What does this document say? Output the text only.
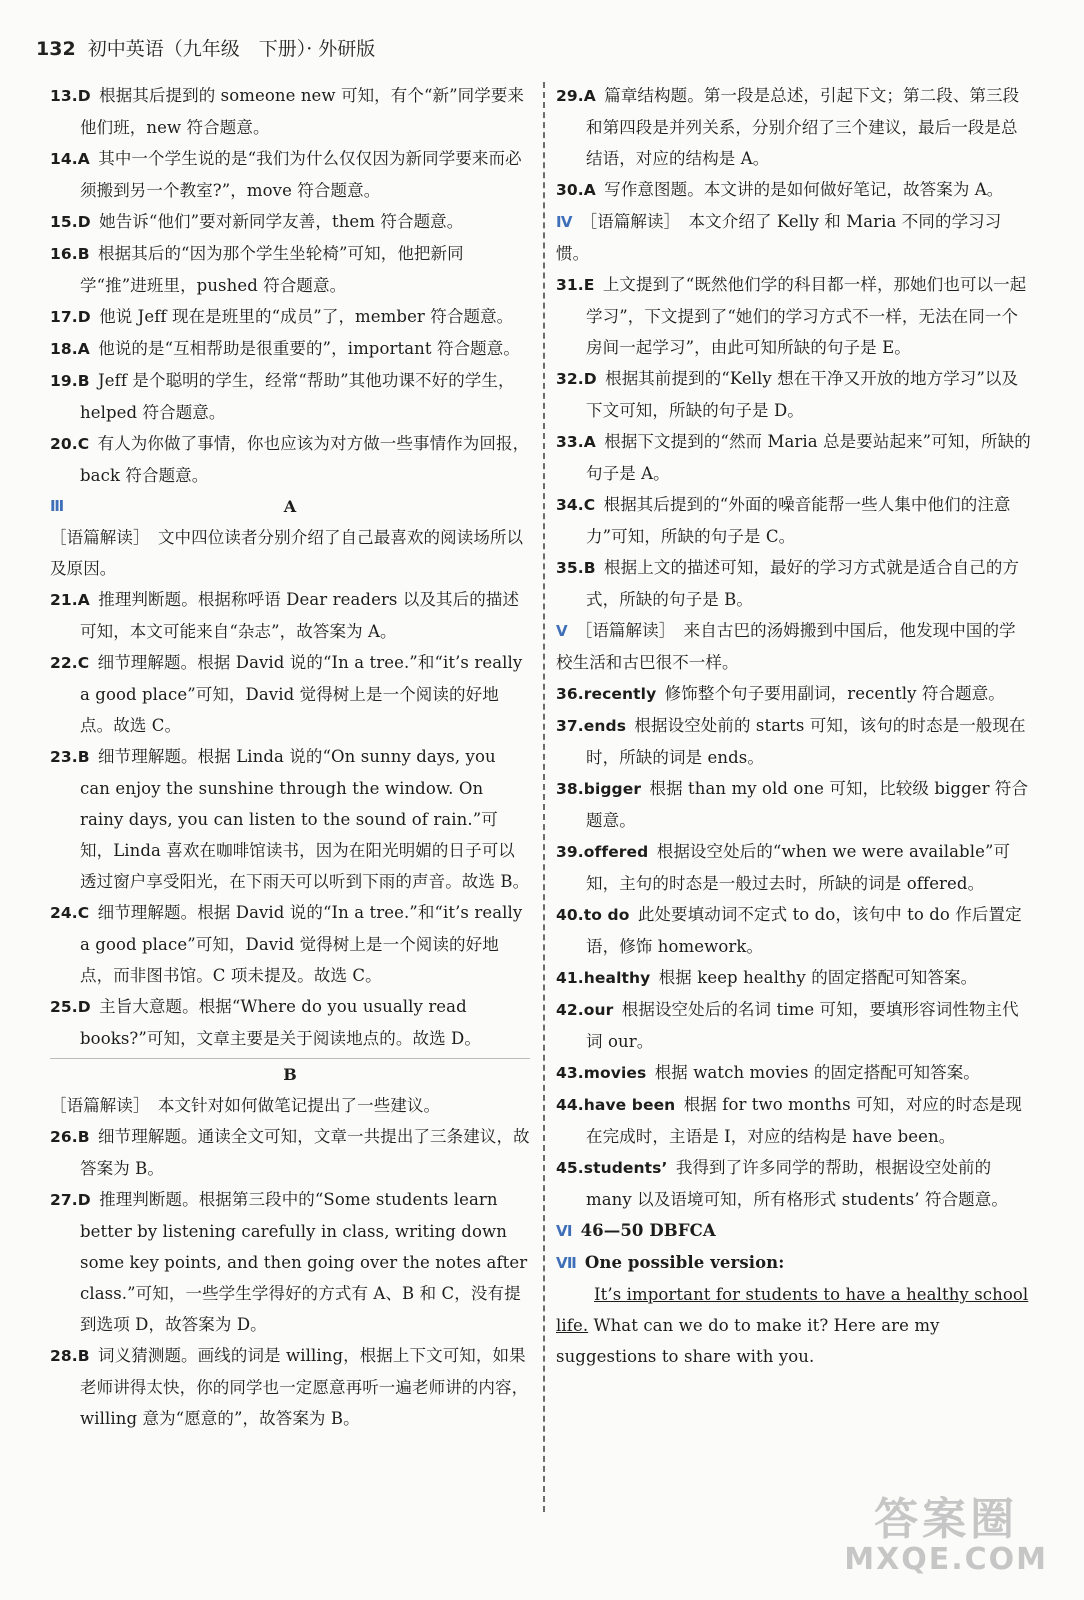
132 初中英语（九年级　下册）· 外研版
13.D  根据其后提到的 someone new 可知，有个“新”同学要来他们班，new 符合题意。
14.A  其中一个学生说的是“我们为什么仅仅因为新同学要来而必须搬到另一个教室?”，move 符合题意。
15.D  她告诉“他们”要对新同学友善，them 符合题意。
16.B  根据其后的“因为那个学生坐轮椅”可知，他把新同学“推”进班里，pushed 符合题意。
17.D  他说 Jeff 现在是班里的“成员”了，member 符合题意。
18.A  他说的是“互相帮助是很重要的”，important 符合题意。
19.B  Jeff 是个聪明的学生，经常“帮助”其他功课不好的学生，helped 符合题意。
20.C  有人为你做了事情，你也应该为对方做一些事情作为回报，back 符合题意。
Ⅲ	A
［语篇解读］　文中四位读者分别介绍了自己最喜欢的阅读场所以及原因。
21.A  推理判断题。根据称呼语 Dear readers 以及其后的描述可知，本文可能来自“杂志”，故答案为 A。
22.C  细节理解题。根据 David 说的“In a tree.”和“it’s really a good place”可知，David 觉得树上是一个阅读的好地点。故选 C。
23.B  细节理解题。根据 Linda 说的“On sunny days, you can enjoy the sunshine through the window. On rainy days, you can listen to the sound of rain.”可知，Linda 喜欢在咖啡馆读书，因为在阳光明媚的日子可以透过窗户享受阳光，在下雨天可以听到下雨的声音。故选 B。
24.C  细节理解题。根据 David 说的“In a tree.”和“it’s really a good place”可知，David 觉得树上是一个阅读的好地点，而非图书馆。C 项未提及。故选 C。
25.D  主旨大意题。根据“Where do you usually read books?”可知，文章主要是关于阅读地点的。故选 D。
B
［语篇解读］　本文针对如何做笔记提出了一些建议。
26.B  细节理解题。通读全文可知，文章一共提出了三条建议，故答案为 B。
27.D  推理判断题。根据第三段中的“Some students learn better by listening carefully in class, writing down some key points, and then going over the notes after class.”可知，一些学生学得好的方式有 A、B 和 C，没有提到选项 D，故答案为 D。
28.B  词义猜测题。画线的词是 willing，根据上下文可知，如果老师讲得太快，你的同学也一定愿意再听一遍老师讲的内容，willing 意为“愿意的”，故答案为 B。
29.A  篇章结构题。第一段是总述，引起下文；第二段、第三段和第四段是并列关系，分别介绍了三个建议，最后一段是总结语，对应的结构是 A。
30.A  写作意图题。本文讲的是如何做好笔记，故答案为 A。
Ⅳ ［语篇解读］　本文介绍了 Kelly 和 Maria 不同的学习习惯。
31.E  上文提到了“既然他们学的科目都一样，那她们也可以一起学习”，下文提到了“她们的学习方式不一样，无法在同一个房间一起学习”，由此可知所缺的句子是 E。
32.D  根据其前提到的“Kelly 想在干净又开放的地方学习”以及下文可知，所缺的句子是 D。
33.A  根据下文提到的“然而 Maria 总是要站起来”可知，所缺的句子是 A。
34.C  根据其后提到的“外面的噪音能帮一些人集中他们的注意力”可知，所缺的句子是 C。
35.B  根据上文的描述可知，最好的学习方式就是适合自己的方式，所缺的句子是 B。
Ⅴ ［语篇解读］　来自古巴的汤姆搬到中国后，他发现中国的学校生活和古巴很不一样。
36.recently  修饰整个句子要用副词，recently 符合题意。
37.ends  根据设空处前的 starts 可知，该句的时态是一般现在时，所缺的词是 ends。
38.bigger  根据 than my old one 可知，比较级 bigger 符合题意。
39.offered  根据设空处后的“when we were available”可知，主句的时态是一般过去时，所缺的词是 offered。
40.to do  此处要填动词不定式 to do，该句中 to do 作后置定语，修饰 homework。
41.healthy  根据 keep healthy 的固定搭配可知答案。
42.our  根据设空处后的名词 time 可知，要填形容词性物主代词 our。
43.movies  根据 watch movies 的固定搭配可知答案。
44.have been  根据 for two months 可知，对应的时态是现在完成时，主语是 I，对应的结构是 have been。
45.students’  我得到了许多同学的帮助，根据设空处前的 many 以及语境可知，所有格形式 students’ 符合题意。
Ⅵ 46—50 DBFCA
Ⅶ One possible version:
It’s important for students to have a healthy school life. What can we do to make it? Here are my suggestions to share with you.
答案圈
MXQE.COM
